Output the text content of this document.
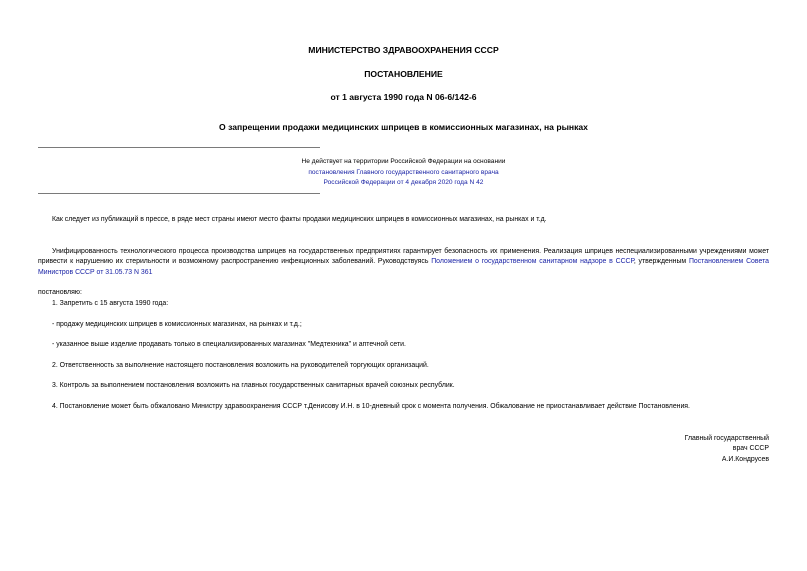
МИНИСТЕРСТВО ЗДРАВООХРАНЕНИЯ СССР
ПОСТАНОВЛЕНИЕ
от 1 августа 1990 года N 06-6/142-6
О запрещении продажи медицинских шприцев в комиссионных магазинах, на рынках
Не действует на территории Российской Федерации на основании
постановления Главного государственного санитарного врача
Российской Федерации от 4 декабря 2020 года N 42
Как следует из публикаций в прессе, в ряде мест страны имеют место факты продажи медицинских шприцев в комиссионных магазинах, на рынках и т.д.
Унифицированность технологического процесса производства шприцев на государственных предприятиях гарантирует безопасность их применения. Реализация шприцев неспециализированными учреждениями может привести к нарушению их стерильности и возможному распространению инфекционных заболеваний. Руководствуясь Положением о государственном санитарном надзоре в СССР, утвержденным Постановлением Совета Министров СССР от 31.05.73 N 361
постановляю:
1. Запретить с 15 августа 1990 года:
- продажу медицинских шприцев в комиссионных магазинах, на рынках и т.д.;
- указанное выше изделие продавать только в специализированных магазинах "Медтехника" и аптечной сети.
2. Ответственность за выполнение настоящего постановления возложить на руководителей торгующих организаций.
3. Контроль за выполнением постановления возложить на главных государственных санитарных врачей союзных республик.
4. Постановление может быть обжаловано Министру здравоохранения СССР т.Денисову И.Н. в 10-дневный срок с момента получения. Обжалование не приостанавливает действие Постановления.
Главный государственный
врач СССР
А.И.Кондрусев
